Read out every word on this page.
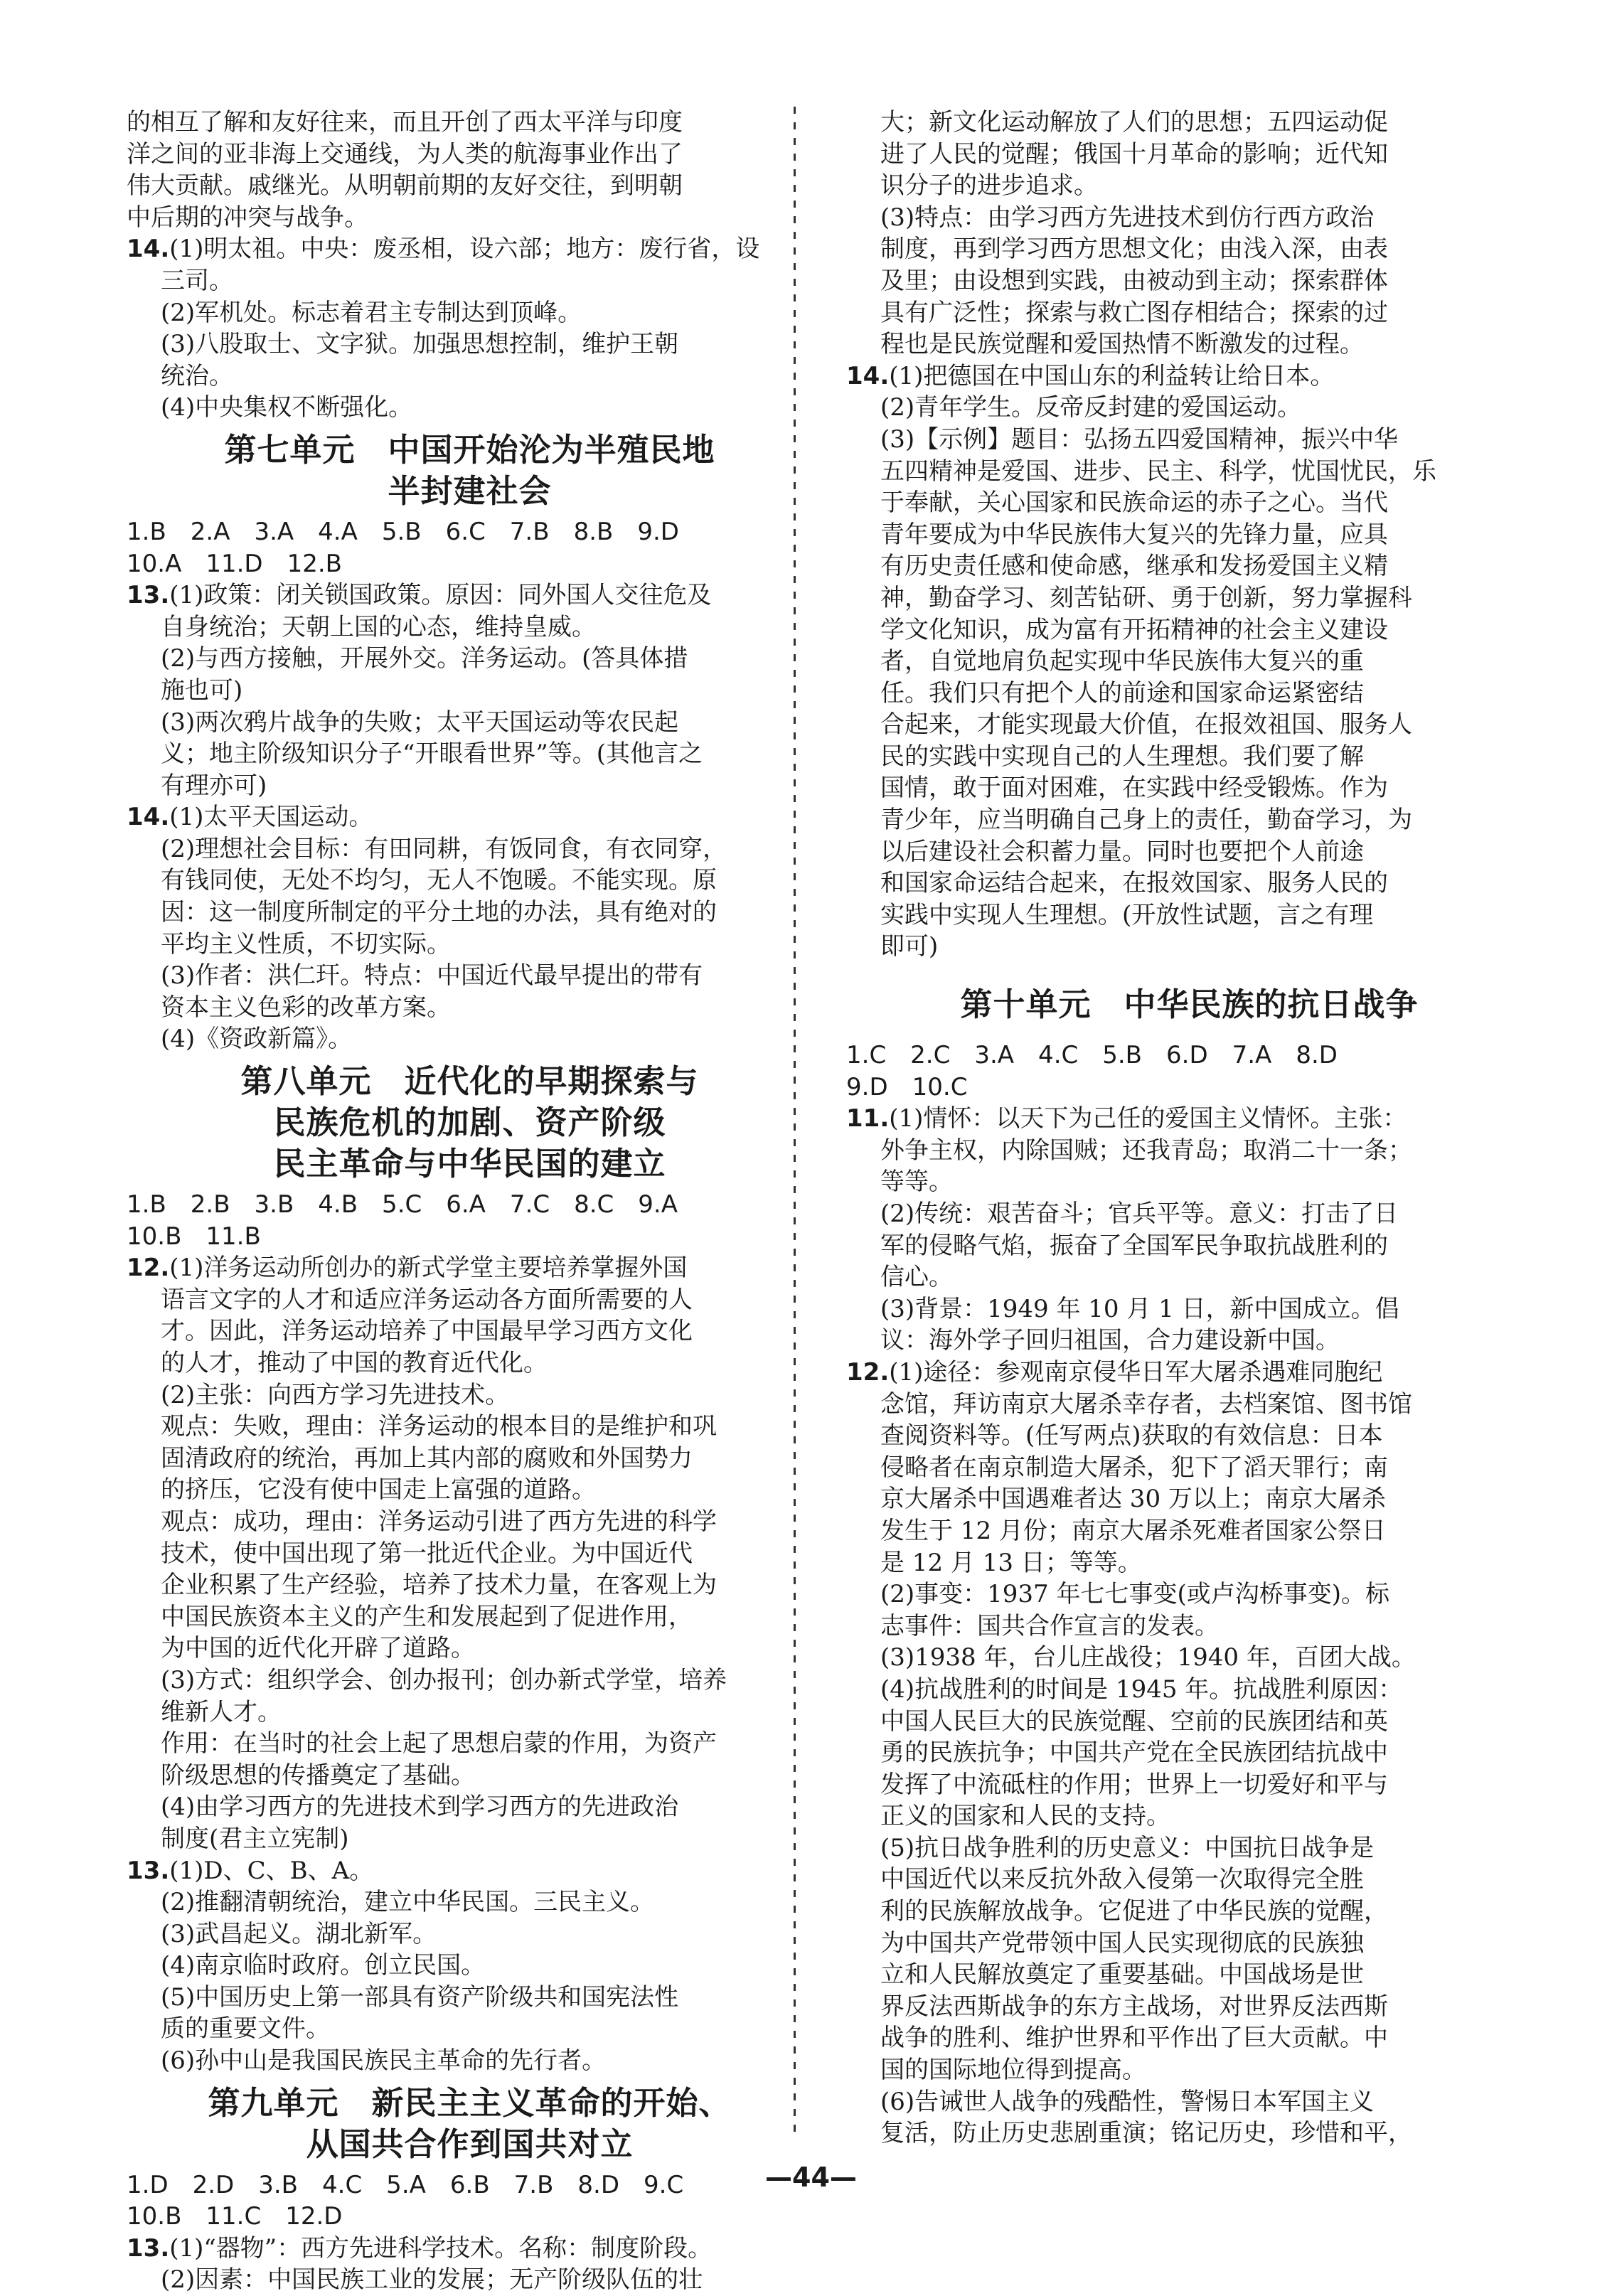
的相互了解和友好往来，而且开创了西太平洋与印度
洋之间的亚非海上交通线，为人类的航海事业作出了
伟大贡献。戚继光。从明朝前期的友好交往，到明朝
中后期的冲突与战争。
14.(1)明太祖。中央：废丞相，设六部；地方：废行省，设
三司。
(2)军机处。标志着君主专制达到顶峰。
(3)八股取士、文字狱。加强思想控制，维护王朝
统治。
(4)中央集权不断强化。
第七单元　中国开始沦为半殖民地
半封建社会
1.B　2.A　3.A　4.A　5.B　6.C　7.B　8.B　9.D
10.A　11.D　12.B
13.(1)政策：闭关锁国政策。原因：同外国人交往危及
自身统治；天朝上国的心态，维持皇威。
(2)与西方接触，开展外交。洋务运动。(答具体措
施也可)
(3)两次鸦片战争的失败；太平天国运动等农民起
义；地主阶级知识分子“开眼看世界”等。(其他言之
有理亦可)
14.(1)太平天国运动。
(2)理想社会目标：有田同耕，有饭同食，有衣同穿，
有钱同使，无处不均匀，无人不饱暖。不能实现。原
因：这一制度所制定的平分土地的办法，具有绝对的
平均主义性质，不切实际。
(3)作者：洪仁玕。特点：中国近代最早提出的带有
资本主义色彩的改革方案。
(4)《资政新篇》。
第八单元　近代化的早期探索与
民族危机的加剧、资产阶级
民主革命与中华民国的建立
1.B　2.B　3.B　4.B　5.C　6.A　7.C　8.C　9.A
10.B　11.B
12.(1)洋务运动所创办的新式学堂主要培养掌握外国
语言文字的人才和适应洋务运动各方面所需要的人
才。因此，洋务运动培养了中国最早学习西方文化
的人才，推动了中国的教育近代化。
(2)主张：向西方学习先进技术。
观点：失败，理由：洋务运动的根本目的是维护和巩
固清政府的统治，再加上其内部的腐败和外国势力
的挤压，它没有使中国走上富强的道路。
观点：成功，理由：洋务运动引进了西方先进的科学
技术，使中国出现了第一批近代企业。为中国近代
企业积累了生产经验，培养了技术力量，在客观上为
中国民族资本主义的产生和发展起到了促进作用，
为中国的近代化开辟了道路。
(3)方式：组织学会、创办报刊；创办新式学堂，培养
维新人才。
作用：在当时的社会上起了思想启蒙的作用，为资产
阶级思想的传播奠定了基础。
(4)由学习西方的先进技术到学习西方的先进政治
制度(君主立宪制)
13.(1)D、C、B、A。
(2)推翻清朝统治，建立中华民国。三民主义。
(3)武昌起义。湖北新军。
(4)南京临时政府。创立民国。
(5)中国历史上第一部具有资产阶级共和国宪法性
质的重要文件。
(6)孙中山是我国民族民主革命的先行者。
第九单元　新民主主义革命的开始、
从国共合作到国共对立
1.D　2.D　3.B　4.C　5.A　6.B　7.B　8.D　9.C
10.B　11.C　12.D
13.(1)“器物”：西方先进科学技术。名称：制度阶段。
(2)因素：中国民族工业的发展；无产阶级队伍的壮
大；新文化运动解放了人们的思想；五四运动促
进了人民的觉醒；俄国十月革命的影响；近代知
识分子的进步追求。
(3)特点：由学习西方先进技术到仿行西方政治
制度，再到学习西方思想文化；由浅入深，由表
及里；由设想到实践，由被动到主动；探索群体
具有广泛性；探索与救亡图存相结合；探索的过
程也是民族觉醒和爱国热情不断激发的过程。
14.(1)把德国在中国山东的利益转让给日本。
(2)青年学生。反帝反封建的爱国运动。
(3)【示例】题目：弘扬五四爱国精神，振兴中华
五四精神是爱国、进步、民主、科学，忧国忧民，乐
于奉献，关心国家和民族命运的赤子之心。当代
青年要成为中华民族伟大复兴的先锋力量，应具
有历史责任感和使命感，继承和发扬爱国主义精
神，勤奋学习、刻苦钻研、勇于创新，努力掌握科
学文化知识，成为富有开拓精神的社会主义建设
者，自觉地肩负起实现中华民族伟大复兴的重
任。我们只有把个人的前途和国家命运紧密结
合起来，才能实现最大价值，在报效祖国、服务人
民的实践中实现自己的人生理想。我们要了解
国情，敢于面对困难，在实践中经受锻炼。作为
青少年，应当明确自己身上的责任，勤奋学习，为
以后建设社会积蓄力量。同时也要把个人前途
和国家命运结合起来，在报效国家、服务人民的
实践中实现人生理想。(开放性试题，言之有理
即可)
第十单元　中华民族的抗日战争
1.C　2.C　3.A　4.C　5.B　6.D　7.A　8.D
9.D　10.C
11.(1)情怀：以天下为己任的爱国主义情怀。主张：
外争主权，内除国贼；还我青岛；取消二十一条；
等等。
(2)传统：艰苦奋斗；官兵平等。意义：打击了日
军的侵略气焰，振奋了全国军民争取抗战胜利的
信心。
(3)背景：1949 年 10 月 1 日，新中国成立。倡
议：海外学子回归祖国，合力建设新中国。
12.(1)途径：参观南京侵华日军大屠杀遇难同胞纪
念馆，拜访南京大屠杀幸存者，去档案馆、图书馆
查阅资料等。(任写两点)获取的有效信息：日本
侵略者在南京制造大屠杀，犯下了滔天罪行；南
京大屠杀中国遇难者达 30 万以上；南京大屠杀
发生于 12 月份；南京大屠杀死难者国家公祭日
是 12 月 13 日；等等。
(2)事变：1937 年七七事变(或卢沟桥事变)。标
志事件：国共合作宣言的发表。
(3)1938 年，台儿庄战役；1940 年，百团大战。
(4)抗战胜利的时间是 1945 年。抗战胜利原因：
中国人民巨大的民族觉醒、空前的民族团结和英
勇的民族抗争；中国共产党在全民族团结抗战中
发挥了中流砥柱的作用；世界上一切爱好和平与
正义的国家和人民的支持。
(5)抗日战争胜利的历史意义：中国抗日战争是
中国近代以来反抗外敌入侵第一次取得完全胜
利的民族解放战争。它促进了中华民族的觉醒，
为中国共产党带领中国人民实现彻底的民族独
立和人民解放奠定了重要基础。中国战场是世
界反法西斯战争的东方主战场，对世界反法西斯
战争的胜利、维护世界和平作出了巨大贡献。中
国的国际地位得到提高。
(6)告诫世人战争的残酷性，警惕日本军国主义
复活，防止历史悲剧重演；铭记历史，珍惜和平，
—44—
